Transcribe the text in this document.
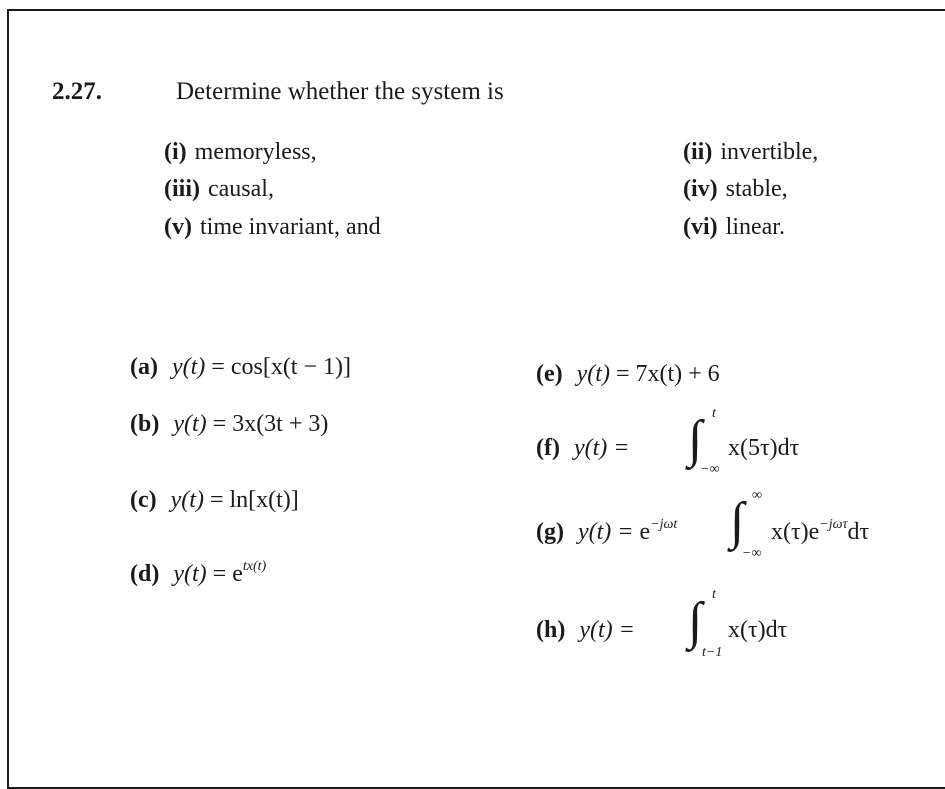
2.27.	Determine whether the system is
(i) memoryless,	(ii) invertible,
(iii) causal,	(iv) stable,
(v) time invariant, and	(vi) linear.
(a) y(t) = cos[x(t − 1)]
(b) y(t) = 3x(3t + 3)
(c) y(t) = ln[x(t)]
(d) $y(t) = e^{tx(t)}$
(e) y(t) = 7x(t) + 6
(f) y(t) = ∫ t
−∞
x(5τ)dτ
(g) $y(t) = e^{-j\omega t}$ ∫ ∞
−∞
$x(\tau)e^{-j\omega\tau}d\tau$
(h) y(t) = ∫ t
t−1
x(τ)dτ
